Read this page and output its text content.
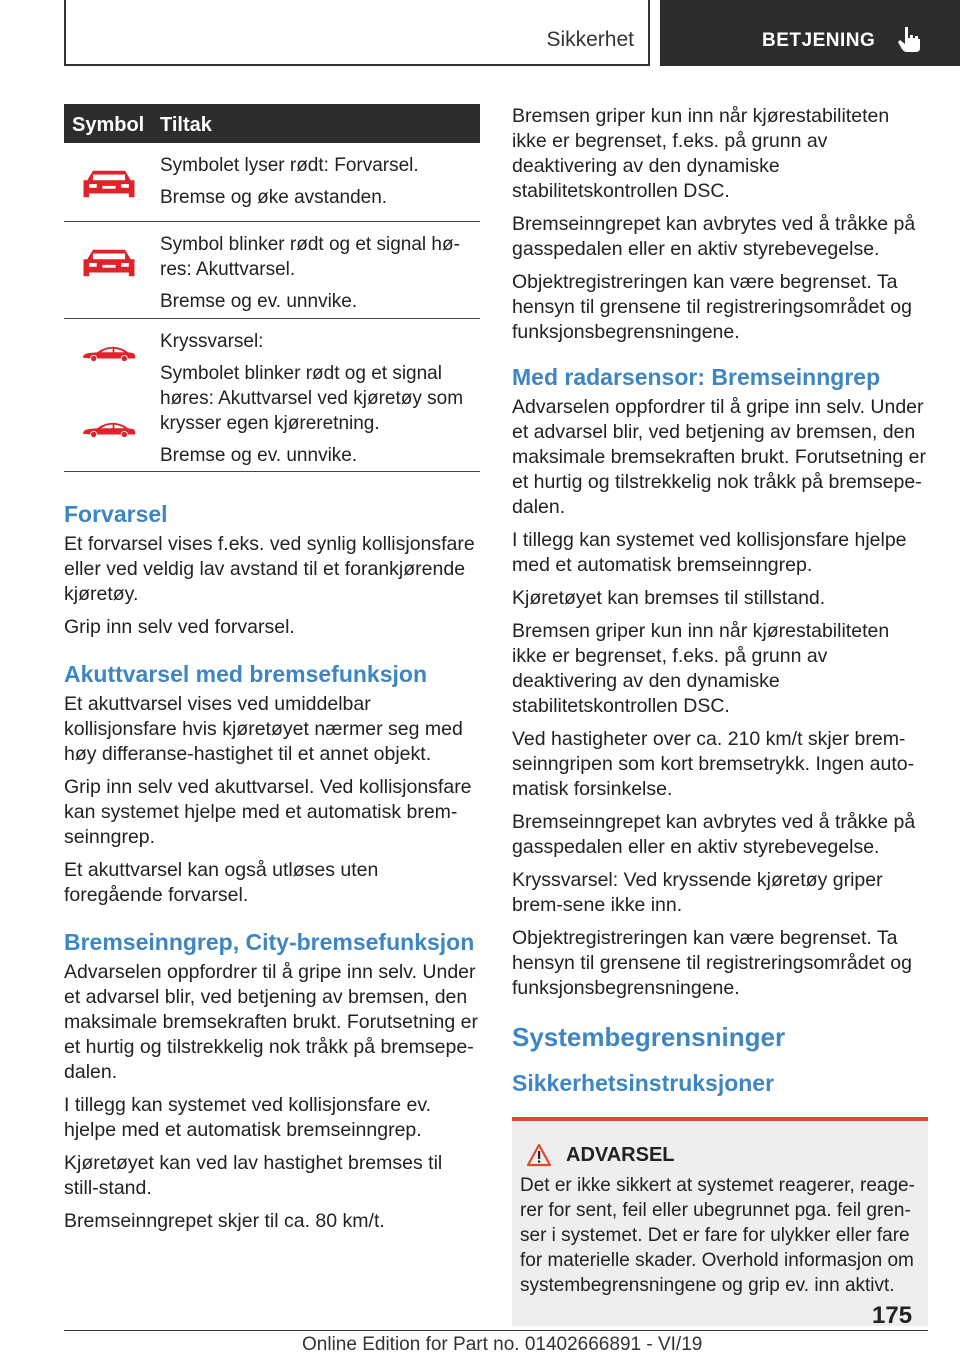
Sikkerhet	BETJENING
Symbol Tiltak

Symbolet lyser rødt: Forvarsel.

Bremse og øke avstanden.

Symbol blinker rødt og et signal hø-res: Akuttvarsel.

Bremse og ev. unnvike.

Kryssvarsel:

Symbolet blinker rødt og et signal høres: Akuttvarsel ved kjøretøy som krysser egen kjøreretning.

Bremse og ev. unnvike.

Forvarsel

Et forvarsel vises f.eks. ved synlig kollisjonsfare eller ved veldig lav avstand til et forankjørende kjøretøy.

Grip inn selv ved forvarsel.

Akuttvarsel med bremsefunksjon

Et akuttvarsel vises ved umiddelbar kollisjonsfare hvis kjøretøyet nærmer seg med høy differanse-hastighet til et annet objekt.

Grip inn selv ved akuttvarsel. Ved kollisjonsfare kan systemet hjelpe med et automatisk brem-seinngrep.

Et akuttvarsel kan også utløses uten foregående forvarsel.

Bremseinngrep, City-bremsefunksjon

Advarselen oppfordrer til å gripe inn selv. Under et advarsel blir, ved betjening av bremsen, den maksimale bremsekraften brukt. Forutsetning er et hurtig og tilstrekkelig nok tråkk på bremsepe-dalen.

I tillegg kan systemet ved kollisjonsfare ev. hjelpe med et automatisk bremseinngrep.

Kjøretøyet kan ved lav hastighet bremses til still-stand.

Bremseinngrepet skjer til ca. 80 km/t.

Bremsen griper kun inn når kjørestabiliteten ikke er begrenset, f.eks. på grunn av deaktivering av den dynamiske stabilitetskontrollen DSC.

Bremseinngrepet kan avbrytes ved å tråkke på gasspedalen eller en aktiv styrebevegelse.

Objektregistreringen kan være begrenset. Ta hensyn til grensene til registreringsområdet og funksjonsbegrensningene.

Med radarsensor: Bremseinngrep

Advarselen oppfordrer til å gripe inn selv. Under et advarsel blir, ved betjening av bremsen, den maksimale bremsekraften brukt. Forutsetning er et hurtig og tilstrekkelig nok tråkk på bremsepe-dalen.

I tillegg kan systemet ved kollisjonsfare hjelpe med et automatisk bremseinngrep.

Kjøretøyet kan bremses til stillstand.

Bremsen griper kun inn når kjørestabiliteten ikke er begrenset, f.eks. på grunn av deaktivering av den dynamiske stabilitetskontrollen DSC.

Ved hastigheter over ca. 210 km/t skjer brem-seinngripen som kort bremsetrykk. Ingen auto-matisk forsinkelse.

Bremseinngrepet kan avbrytes ved å tråkke på gasspedalen eller en aktiv styrebevegelse.

Kryssvarsel: Ved kryssende kjøretøy griper brem-sene ikke inn.

Objektregistreringen kan være begrenset. Ta hensyn til grensene til registreringsområdet og funksjonsbegrensningene.

Systembegrensninger
Sikkerhetsinstruksjoner
ADVARSEL

Det er ikke sikkert at systemet reagerer, reage-rer for sent, feil eller ubegrunnet pga. feil gren-ser i systemet. Det er fare for ulykker eller fare for materielle skader. Overhold informasjon om systembegrensningene og grip ev. inn aktivt.

175
Online Edition for Part no. 01402666891 - VI/19
